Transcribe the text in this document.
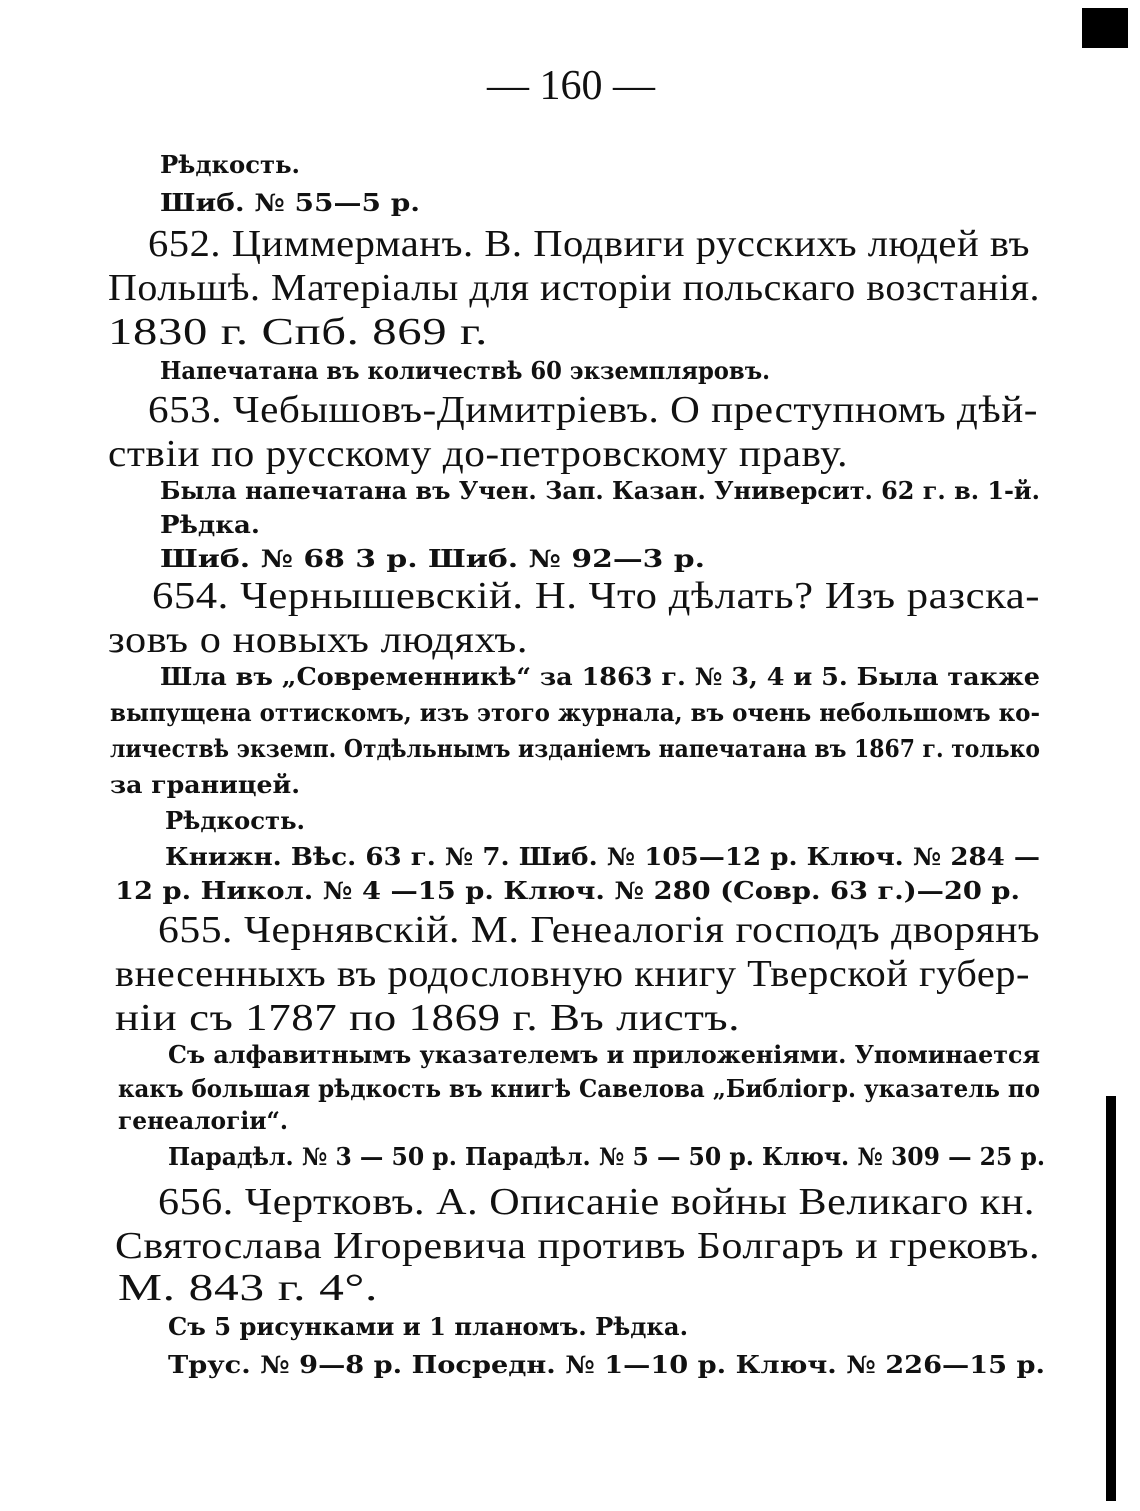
— 160 —
Рѣдкость.
Шиб. № 55—5 р.
652. Циммерманъ. В. Подвиги русскихъ людей въ
Польшѣ. Матеріалы для исторіи польскаго возстанія.
1830 г. Спб. 869 г.
Напечатана въ количествѣ 60 экземпляровъ.
653. Чебышовъ-Димитріевъ. О преступномъ дѣй-
ствіи по русскому до-петровскому праву.
Была напечатана въ Учен. Зап. Казан. Университ. 62 г. в. 1-й.
Рѣдка.
Шиб. № 68 3 р. Шиб. № 92—3 р.
654. Чернышевскій. Н. Что дѣлать? Изъ разска-
зовъ о новыхъ людяхъ.
Шла въ „Современникѣ“ за 1863 г. № 3, 4 и 5. Была также
выпущена оттискомъ, изъ этого журнала, въ очень небольшомъ ко-
личествѣ экземп. Отдѣльнымъ изданіемъ напечатана въ 1867 г. только
за границей.
Рѣдкость.
Книжн. Вѣс. 63 г. № 7. Шиб. № 105—12 р. Ключ. № 284 —
12 р. Никол. № 4 —15 р. Ключ. № 280 (Совр. 63 г.)—20 р.
655. Чернявскій. М. Генеалогія господъ дворянъ
внесенныхъ въ родословную книгу Тверской губер-
ніи съ 1787 по 1869 г. Въ листъ.
Съ алфавитнымъ указателемъ и приложеніями. Упоминается
какъ большая рѣдкость въ книгѣ Савелова „Библіогр. указатель по
генеалогіи“.
Парадѣл. № 3 — 50 р. Парадѣл. № 5 — 50 р. Ключ. № 309 — 25 р.
656. Чертковъ. А. Описаніе войны Великаго кн.
Святослава Игоревича противъ Болгаръ и грековъ.
М. 843 г. 4°.
Съ 5 рисунками и 1 планомъ. Рѣдка.
Трус. № 9—8 р. Посредн. № 1—10 р. Ключ. № 226—15 р.
